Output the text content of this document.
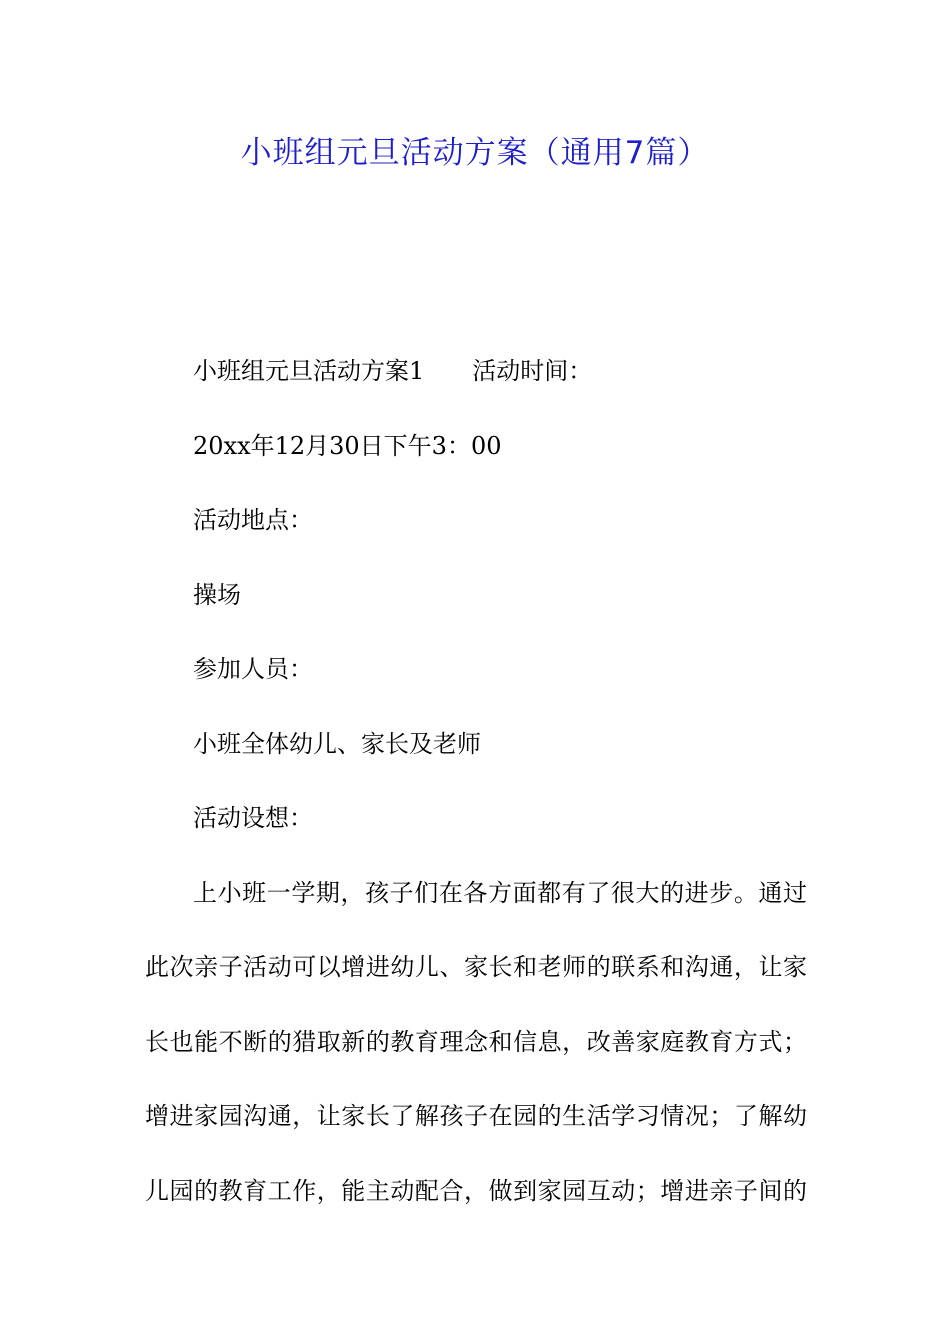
小班组元旦活动方案（通用7篇）
小班组元旦活动方案1 活动时间：
20xx年12月30日下午3：00
活动地点：
操场
参加人员：
小班全体幼儿、家长及老师
活动设想：
上小班一学期，孩子们在各方面都有了很大的进步。通过
此次亲子活动可以增进幼儿、家长和老师的联系和沟通，让家
长也能不断的猎取新的教育理念和信息，改善家庭教育方式；
增进家园沟通，让家长了解孩子在园的生活学习情况；了解幼
儿园的教育工作，能主动配合，做到家园互动；增进亲子间的
